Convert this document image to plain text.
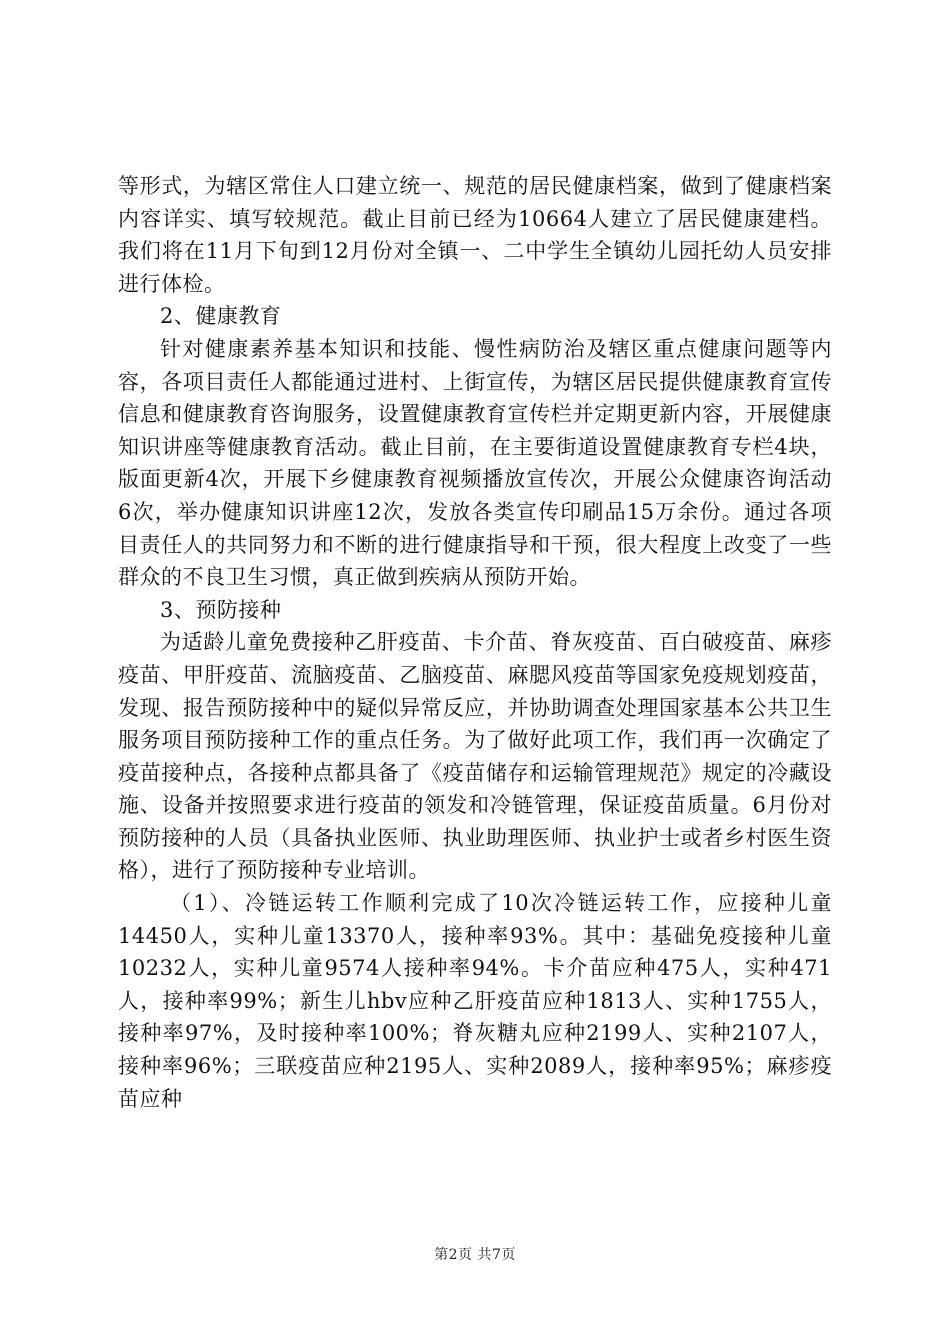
等形式，为辖区常住人口建立统一、规范的居民健康档案，做到了健康档案内容详实、填写较规范。截止目前已经为10664人建立了居民健康建档。我们将在11月下旬到12月份对全镇一、二中学生全镇幼儿园托幼人员安排进行体检。

2、健康教育

针对健康素养基本知识和技能、慢性病防治及辖区重点健康问题等内容，各项目责任人都能通过进村、上街宣传，为辖区居民提供健康教育宣传信息和健康教育咨询服务，设置健康教育宣传栏并定期更新内容，开展健康知识讲座等健康教育活动。截止目前，在主要街道设置健康教育专栏4块，版面更新4次，开展下乡健康教育视频播放宣传次，开展公众健康咨询活动6次，举办健康知识讲座12次，发放各类宣传印刷品15万余份。通过各项目责任人的共同努力和不断的进行健康指导和干预，很大程度上改变了一些群众的不良卫生习惯，真正做到疾病从预防开始。

3、预防接种

为适龄儿童免费接种乙肝疫苗、卡介苗、脊灰疫苗、百白破疫苗、麻疹疫苗、甲肝疫苗、流脑疫苗、乙脑疫苗、麻腮风疫苗等国家免疫规划疫苗，发现、报告预防接种中的疑似异常反应，并协助调查处理国家基本公共卫生服务项目预防接种工作的重点任务。为了做好此项工作，我们再一次确定了疫苗接种点，各接种点都具备了《疫苗储存和运输管理规范》规定的冷藏设施、设备并按照要求进行疫苗的领发和冷链管理，保证疫苗质量。6月份对预防接种的人员（具备执业医师、执业助理医师、执业护士或者乡村医生资格），进行了预防接种专业培训。

（1）、冷链运转工作顺利完成了10次冷链运转工作，应接种儿童14450人，实种儿童13370人，接种率93%。其中：基础免疫接种儿童10232人，实种儿童9574人接种率94%。卡介苗应种475人，实种471人，接种率99%；新生儿hbv应种乙肝疫苗应种1813人、实种1755人，接种率97%，及时接种率100%；脊灰糖丸应种2199人、实种2107人，接种率96%；三联疫苗应种2195人、实种2089人，接种率95%；麻疹疫苗应种

第2页 共7页
